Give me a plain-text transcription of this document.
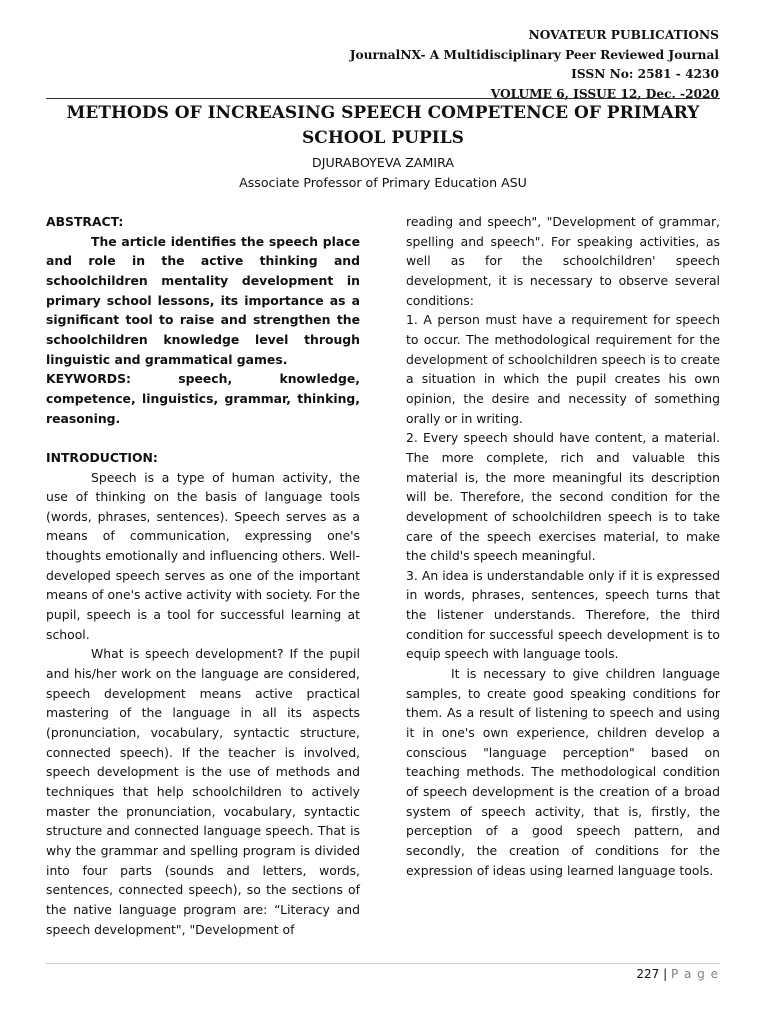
NOVATEUR PUBLICATIONS
JournalNX- A Multidisciplinary Peer Reviewed Journal
ISSN No: 2581 - 4230
VOLUME 6, ISSUE 12, Dec. -2020
METHODS OF INCREASING SPEECH COMPETENCE OF PRIMARY SCHOOL PUPILS
DJURABOYEVA ZAMIRA
Associate Professor of Primary Education ASU

ABSTRACT:

The article identifies the speech place and role in the active thinking and schoolchildren mentality development in primary school lessons, its importance as a significant tool to raise and strengthen the schoolchildren knowledge level through linguistic and grammatical games.

KEYWORDS: speech, knowledge, competence, linguistics, grammar, thinking, reasoning.

INTRODUCTION:

Speech is a type of human activity, the use of thinking on the basis of language tools (words, phrases, sentences). Speech serves as a means of communication, expressing one's thoughts emotionally and influencing others. Well-developed speech serves as one of the important means of one's active activity with society. For the pupil, speech is a tool for successful learning at school.

What is speech development? If the pupil and his/her work on the language are considered, speech development means active practical mastering of the language in all its aspects (pronunciation, vocabulary, syntactic structure, connected speech). If the teacher is involved, speech development is the use of methods and techniques that help schoolchildren to actively master the pronunciation, vocabulary, syntactic structure and connected language speech. That is why the grammar and spelling program is divided into four parts (sounds and letters, words, sentences, connected speech), so the sections of the native language program are: “Literacy and speech development", "Development of

reading and speech", "Development of grammar, spelling and speech". For speaking activities, as well as for the schoolchildren' speech development, it is necessary to observe several conditions:

1. A person must have a requirement for speech to occur. The methodological requirement for the development of schoolchildren speech is to create a situation in which the pupil creates his own opinion, the desire and necessity of something orally or in writing.

2. Every speech should have content, a material. The more complete, rich and valuable this material is, the more meaningful its description will be. Therefore, the second condition for the development of schoolchildren speech is to take care of the speech exercises material, to make the child's speech meaningful.

3. An idea is understandable only if it is expressed in words, phrases, sentences, speech turns that the listener understands. Therefore, the third condition for successful speech development is to equip speech with language tools.

It is necessary to give children language samples, to create good speaking conditions for them. As a result of listening to speech and using it in one's own experience, children develop a conscious "language perception" based on teaching methods. The methodological condition of speech development is the creation of a broad system of speech activity, that is, firstly, the perception of a good speech pattern, and secondly, the creation of conditions for the expression of ideas using learned language tools.

227 | P a g e
